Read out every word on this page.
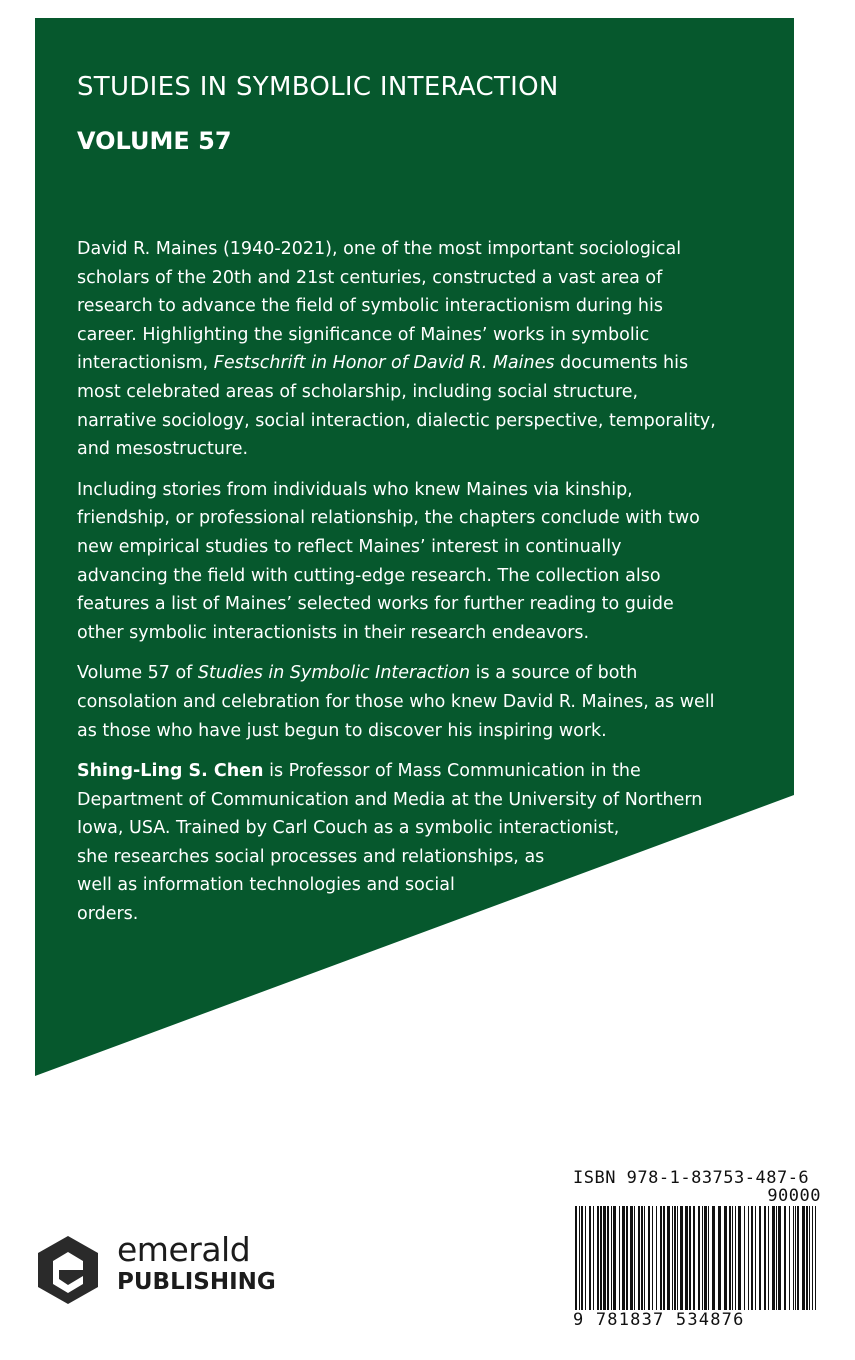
STUDIES IN SYMBOLIC INTERACTION
VOLUME 57

David R. Maines (1940-2021), one of the most important sociological scholars of the 20th and 21st centuries, constructed a vast area of research to advance the field of symbolic interactionism during his career. Highlighting the significance of Maines’ works in symbolic interactionism, Festschrift in Honor of David R. Maines documents his most celebrated areas of scholarship, including social structure, narrative sociology, social interaction, dialectic perspective, temporality, and mesostructure.

Including stories from individuals who knew Maines via kinship, friendship, or professional relationship, the chapters conclude with two new empirical studies to reflect Maines’ interest in continually advancing the field with cutting-edge research. The collection also features a list of Maines’ selected works for further reading to guide other symbolic interactionists in their research endeavors.

Volume 57 of Studies in Symbolic Interaction is a source of both consolation and celebration for those who knew David R. Maines, as well as those who have just begun to discover his inspiring work.

Shing-Ling S. Chen is Professor of Mass Communication in the
Department of Communication and Media at the University of Northern
Iowa, USA. Trained by Carl Couch as a symbolic interactionist,
she researches social processes and relationships, as
well as information technologies and social
orders.
ISBN 978-1-83753-487-6
90000
9 781837 534876
emerald
PUBLISHING
